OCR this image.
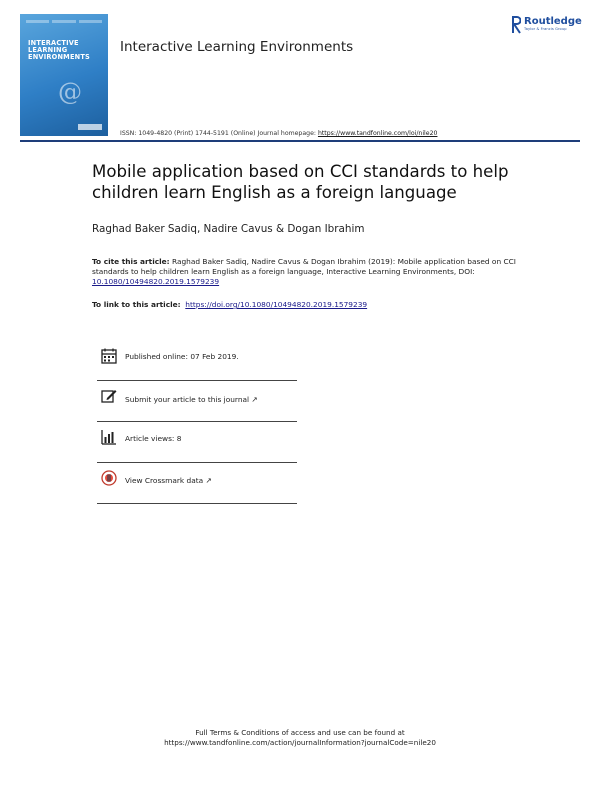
INTERACTIVE
LEARNING
ENVIRONMENTS
@
Interactive Learning Environments
Routledge
Taylor & Francis Group
ISSN: 1049-4820 (Print) 1744-5191 (Online) Journal homepage: https://www.tandfonline.com/loi/nile20
Mobile application based on CCI standards to help children learn English as a foreign language
Raghad Baker Sadiq, Nadire Cavus & Dogan Ibrahim
To cite this article: Raghad Baker Sadiq, Nadire Cavus & Dogan Ibrahim (2019): Mobile application based on CCI standards to help children learn English as a foreign language, Interactive Learning Environments, DOI: 10.1080/10494820.2019.1579239
To link to this article: https://doi.org/10.1080/10494820.2019.1579239
Published online: 07 Feb 2019.
Submit your article to this journal ↗
Article views: 8
View Crossmark data ↗
Full Terms & Conditions of access and use can be found at
https://www.tandfonline.com/action/journalInformation?journalCode=nile20
